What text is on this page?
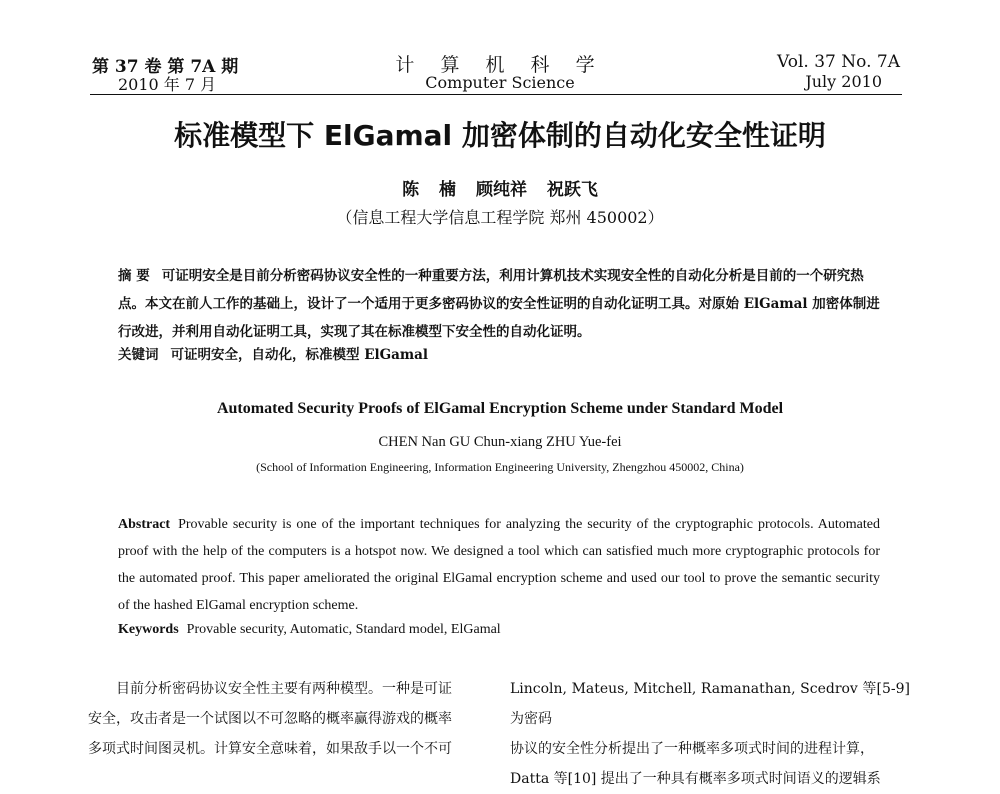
第 37 卷 第 7A 期
2010 年 7 月
计 算 机 科 学
Computer Science
Vol. 37 No. 7A
July 2010
标准模型下 ElGamal 加密体制的自动化安全性证明
陈 楠 顾纯祥 祝跃飞
（信息工程大学信息工程学院 郑州 450002）
摘 要 可证明安全是目前分析密码协议安全性的一种重要方法，利用计算机技术实现安全性的自动化分析是目前的一个研究热点。本文在前人工作的基础上，设计了一个适用于更多密码协议的安全性证明的自动化证明工具。对原始 ElGamal 加密体制进行改进，并利用自动化证明工具，实现了其在标准模型下安全性的自动化证明。
关键词 可证明安全，自动化，标准模型 ElGamal
Automated Security Proofs of ElGamal Encryption Scheme under Standard Model
CHEN Nan GU Chun-xiang ZHU Yue-fei
(School of Information Engineering, Information Engineering University, Zhengzhou 450002, China)
Abstract Provable security is one of the important techniques for analyzing the security of the cryptographic protocols. Automated proof with the help of the computers is a hotspot now. We designed a tool which can satisfied much more cryptographic protocols for the automated proof. This paper ameliorated the original ElGamal encryption scheme and used our tool to prove the semantic security of the hashed ElGamal encryption scheme.
Keywords Provable security, Automatic, Standard model, ElGamal

目前分析密码协议安全性主要有两种模型。一种是可证

安全，攻击者是一个试图以不可忽略的概率赢得游戏的概率

多项式时间图灵机。计算安全意味着，如果敌手以一个不可

Lincoln, Mateus, Mitchell, Ramanathan, Scedrov 等[5-9] 为密码

协议的安全性分析提出了一种概率多项式时间的进程计算，

Datta 等[10] 提出了一种具有概率多项式时间语义的逻辑系
